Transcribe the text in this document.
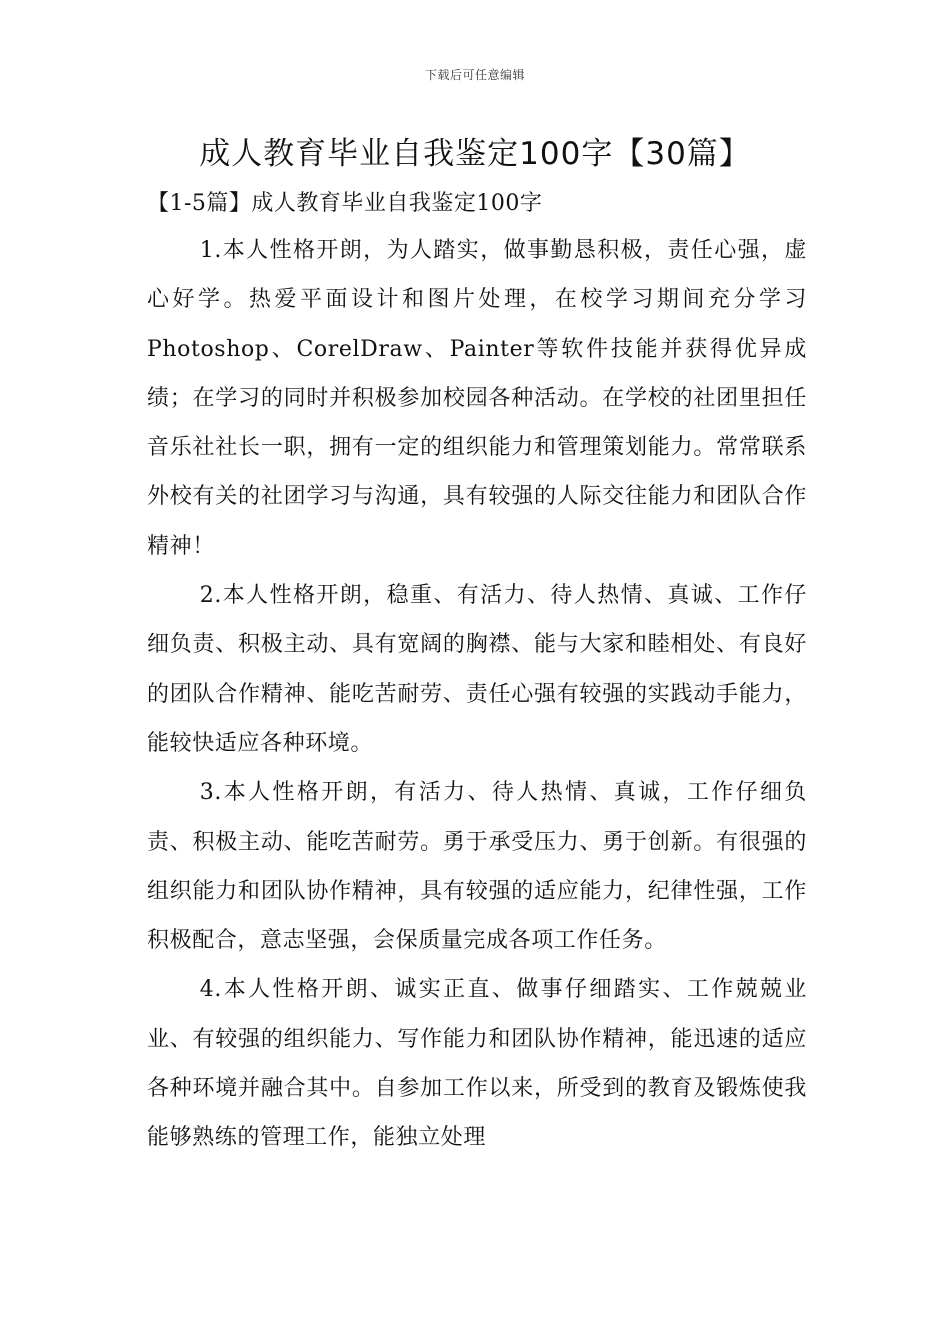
下载后可任意编辑
成人教育毕业自我鉴定100字【30篇】
【1-5篇】成人教育毕业自我鉴定100字

1.本人性格开朗，为人踏实，做事勤恳积极，责任心强，虚心好学。热爱平面设计和图片处理，在校学习期间充分学习Photoshop、CorelDraw、Painter等软件技能并获得优异成绩；在学习的同时并积极参加校园各种活动。在学校的社团里担任音乐社社长一职，拥有一定的组织能力和管理策划能力。常常联系外校有关的社团学习与沟通，具有较强的人际交往能力和团队合作精神！

2.本人性格开朗，稳重、有活力、待人热情、真诚、工作仔细负责、积极主动、具有宽阔的胸襟、能与大家和睦相处、有良好的团队合作精神、能吃苦耐劳、责任心强有较强的实践动手能力，能较快适应各种环境。

3.本人性格开朗，有活力、待人热情、真诚，工作仔细负责、积极主动、能吃苦耐劳。勇于承受压力、勇于创新。有很强的组织能力和团队协作精神，具有较强的适应能力，纪律性强，工作积极配合，意志坚强，会保质量完成各项工作任务。

4.本人性格开朗、诚实正直、做事仔细踏实、工作兢兢业业、有较强的组织能力、写作能力和团队协作精神，能迅速的适应各种环境并融合其中。自参加工作以来，所受到的教育及锻炼使我能够熟练的管理工作，能独立处理
